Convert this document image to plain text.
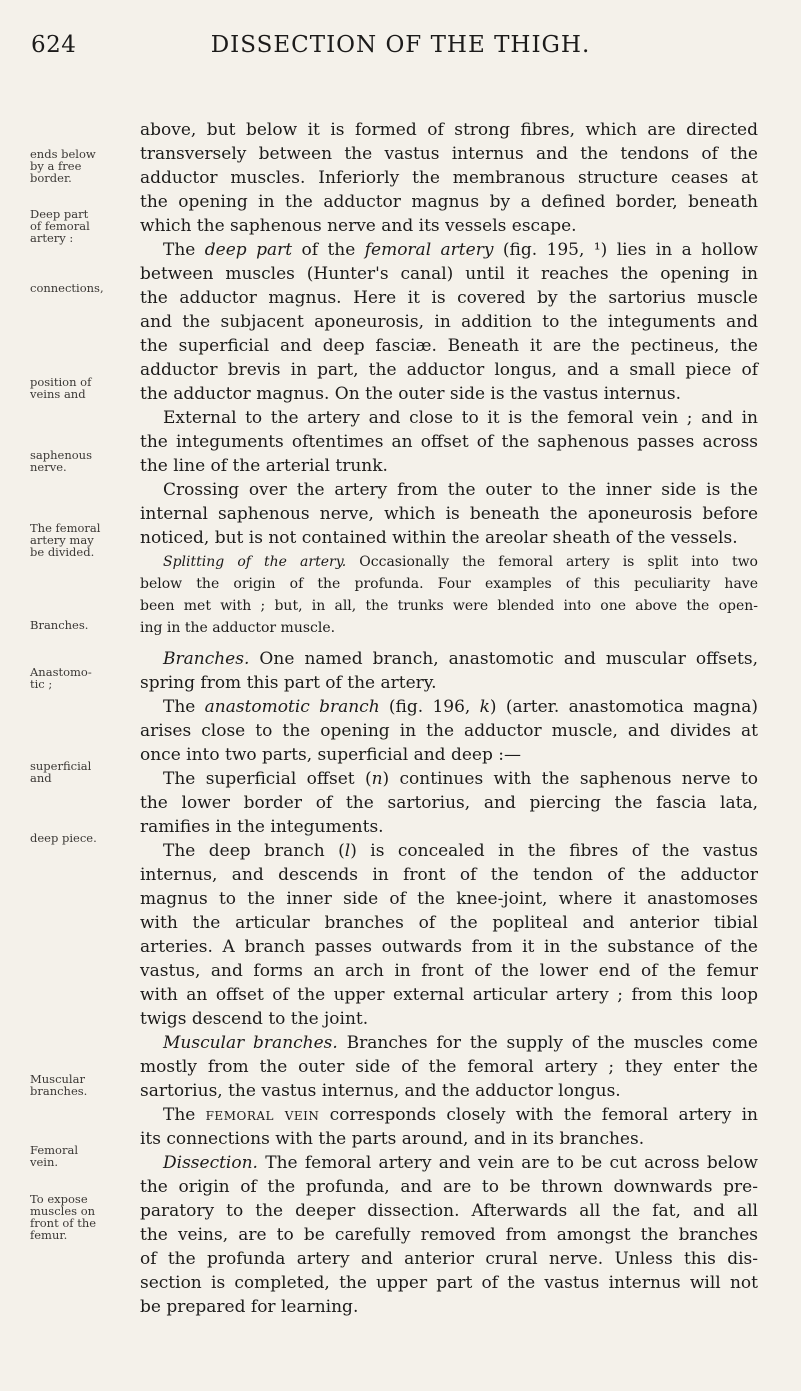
624	DISSECTION OF THE THIGH.
ends below
by a free
border.
Deep part
of femoral
artery :
connections,
position of
veins and
saphenous
nerve.
The femoral
artery may
be divided.
Branches.
Anastomo-
tic ;
superficial
and
deep piece.
Muscular
branches.
Femoral
vein.
To expose
muscles on
front of the
femur.
above, but below it is formed of strong fibres, which are directed
transversely between the vastus internus and the tendons of the
adductor muscles. Inferiorly the membranous structure ceases at
the opening in the adductor magnus by a defined border, beneath
which the saphenous nerve and its vessels escape.
The deep part of the femoral artery (fig. 195, ¹) lies in a hollow
between muscles (Hunter's canal) until it reaches the opening in
the adductor magnus. Here it is covered by the sartorius muscle
and the subjacent aponeurosis, in addition to the integuments and
the superficial and deep fasciæ. Beneath it are the pectineus, the
adductor brevis in part, the adductor longus, and a small piece of
the adductor magnus. On the outer side is the vastus internus.
External to the artery and close to it is the femoral vein ; and in
the integuments oftentimes an offset of the saphenous passes across
the line of the arterial trunk.
Crossing over the artery from the outer to the inner side is the
internal saphenous nerve, which is beneath the aponeurosis before
noticed, but is not contained within the areolar sheath of the vessels.
Splitting of the artery. Occasionally the femoral artery is split into two
below the origin of the profunda. Four examples of this peculiarity have
been met with ; but, in all, the trunks were blended into one above the open-
ing in the adductor muscle.
Branches. One named branch, anastomotic and muscular offsets,
spring from this part of the artery.
The anastomotic branch (fig. 196, k) (arter. anastomotica magna)
arises close to the opening in the adductor muscle, and divides at
once into two parts, superficial and deep :—
The superficial offset (n) continues with the saphenous nerve to
the lower border of the sartorius, and piercing the fascia lata,
ramifies in the integuments.
The deep branch (l) is concealed in the fibres of the vastus
internus, and descends in front of the tendon of the adductor
magnus to the inner side of the knee-joint, where it anastomoses
with the articular branches of the popliteal and anterior tibial
arteries. A branch passes outwards from it in the substance of the
vastus, and forms an arch in front of the lower end of the femur
with an offset of the upper external articular artery ; from this loop
twigs descend to the joint.
Muscular branches. Branches for the supply of the muscles come
mostly from the outer side of the femoral artery ; they enter the
sartorius, the vastus internus, and the adductor longus.
The femoral vein corresponds closely with the femoral artery in
its connections with the parts around, and in its branches.
Dissection. The femoral artery and vein are to be cut across below
the origin of the profunda, and are to be thrown downwards pre-
paratory to the deeper dissection. Afterwards all the fat, and all
the veins, are to be carefully removed from amongst the branches
of the profunda artery and anterior crural nerve. Unless this dis-
section is completed, the upper part of the vastus internus will not
be prepared for learning.
